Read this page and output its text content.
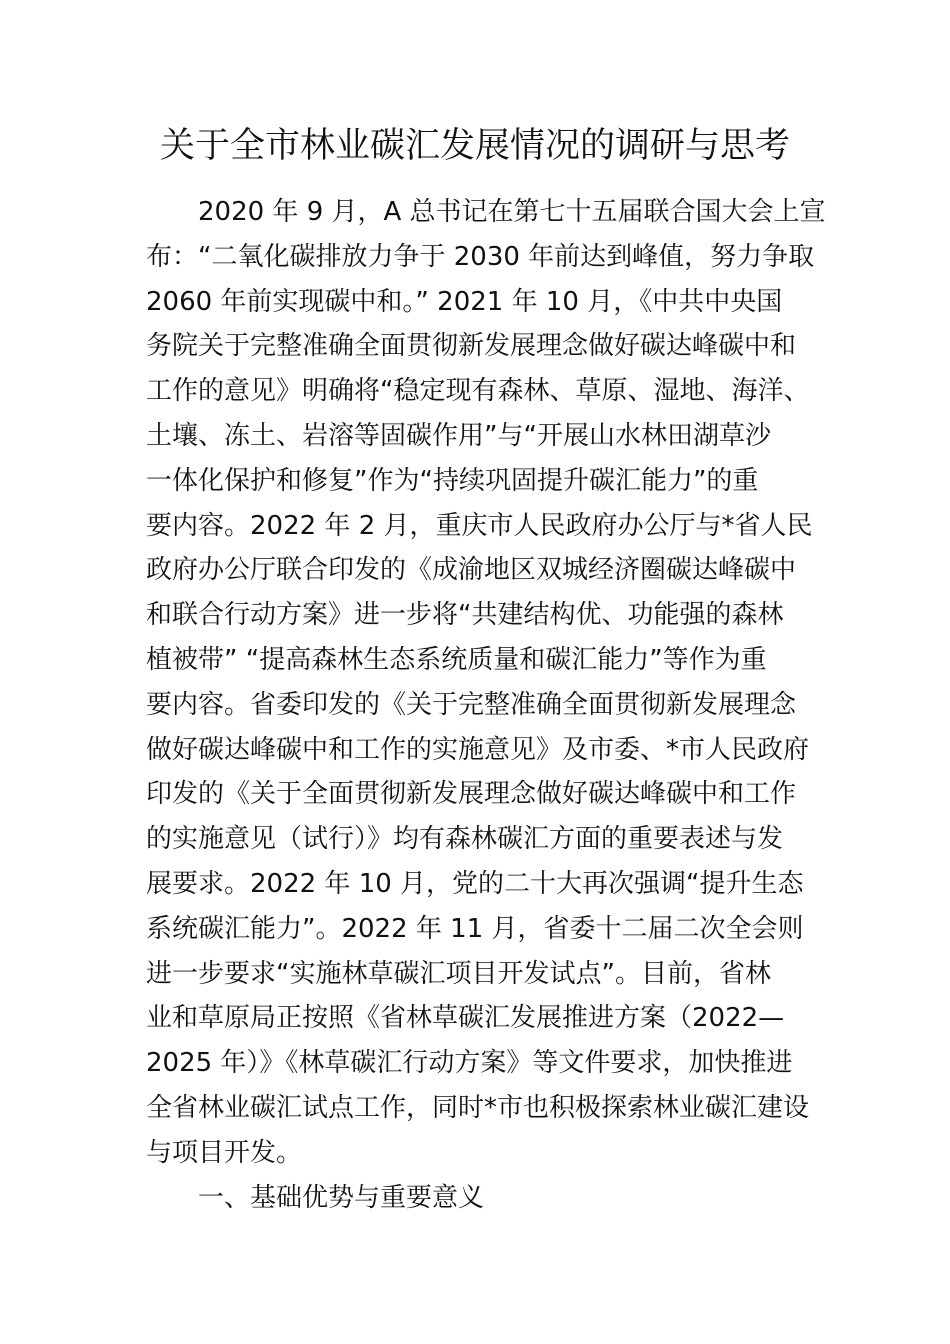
关于全市林业碳汇发展情况的调研与思考
2020 年 9 月，A 总书记在第七十五届联合国大会上宣
布：“二氧化碳排放力争于 2030 年前达到峰值，努力争取
2060 年前实现碳中和。” 2021 年 10 月，《中共中央国
务院关于完整准确全面贯彻新发展理念做好碳达峰碳中和
工作的意见》明确将“稳定现有森林、草原、湿地、海洋、
土壤、冻土、岩溶等固碳作用”与“开展山水林田湖草沙
一体化保护和修复”作为“持续巩固提升碳汇能力”的重
要内容。2022 年 2 月，重庆市人民政府办公厅与*省人民
政府办公厅联合印发的《成渝地区双城经济圈碳达峰碳中
和联合行动方案》进一步将“共建结构优、功能强的森林
植被带” “提高森林生态系统质量和碳汇能力”等作为重
要内容。省委印发的《关于完整准确全面贯彻新发展理念
做好碳达峰碳中和工作的实施意见》及市委、*市人民政府
印发的《关于全面贯彻新发展理念做好碳达峰碳中和工作
的实施意见（试行）》均有森林碳汇方面的重要表述与发
展要求。2022 年 10 月，党的二十大再次强调“提升生态
系统碳汇能力”。2022 年 11 月，省委十二届二次全会则
进一步要求“实施林草碳汇项目开发试点”。目前，省林
业和草原局正按照《省林草碳汇发展推进方案（2022—
2025 年）》《林草碳汇行动方案》等文件要求，加快推进
全省林业碳汇试点工作，同时*市也积极探索林业碳汇建设
与项目开发。
一、基础优势与重要意义
